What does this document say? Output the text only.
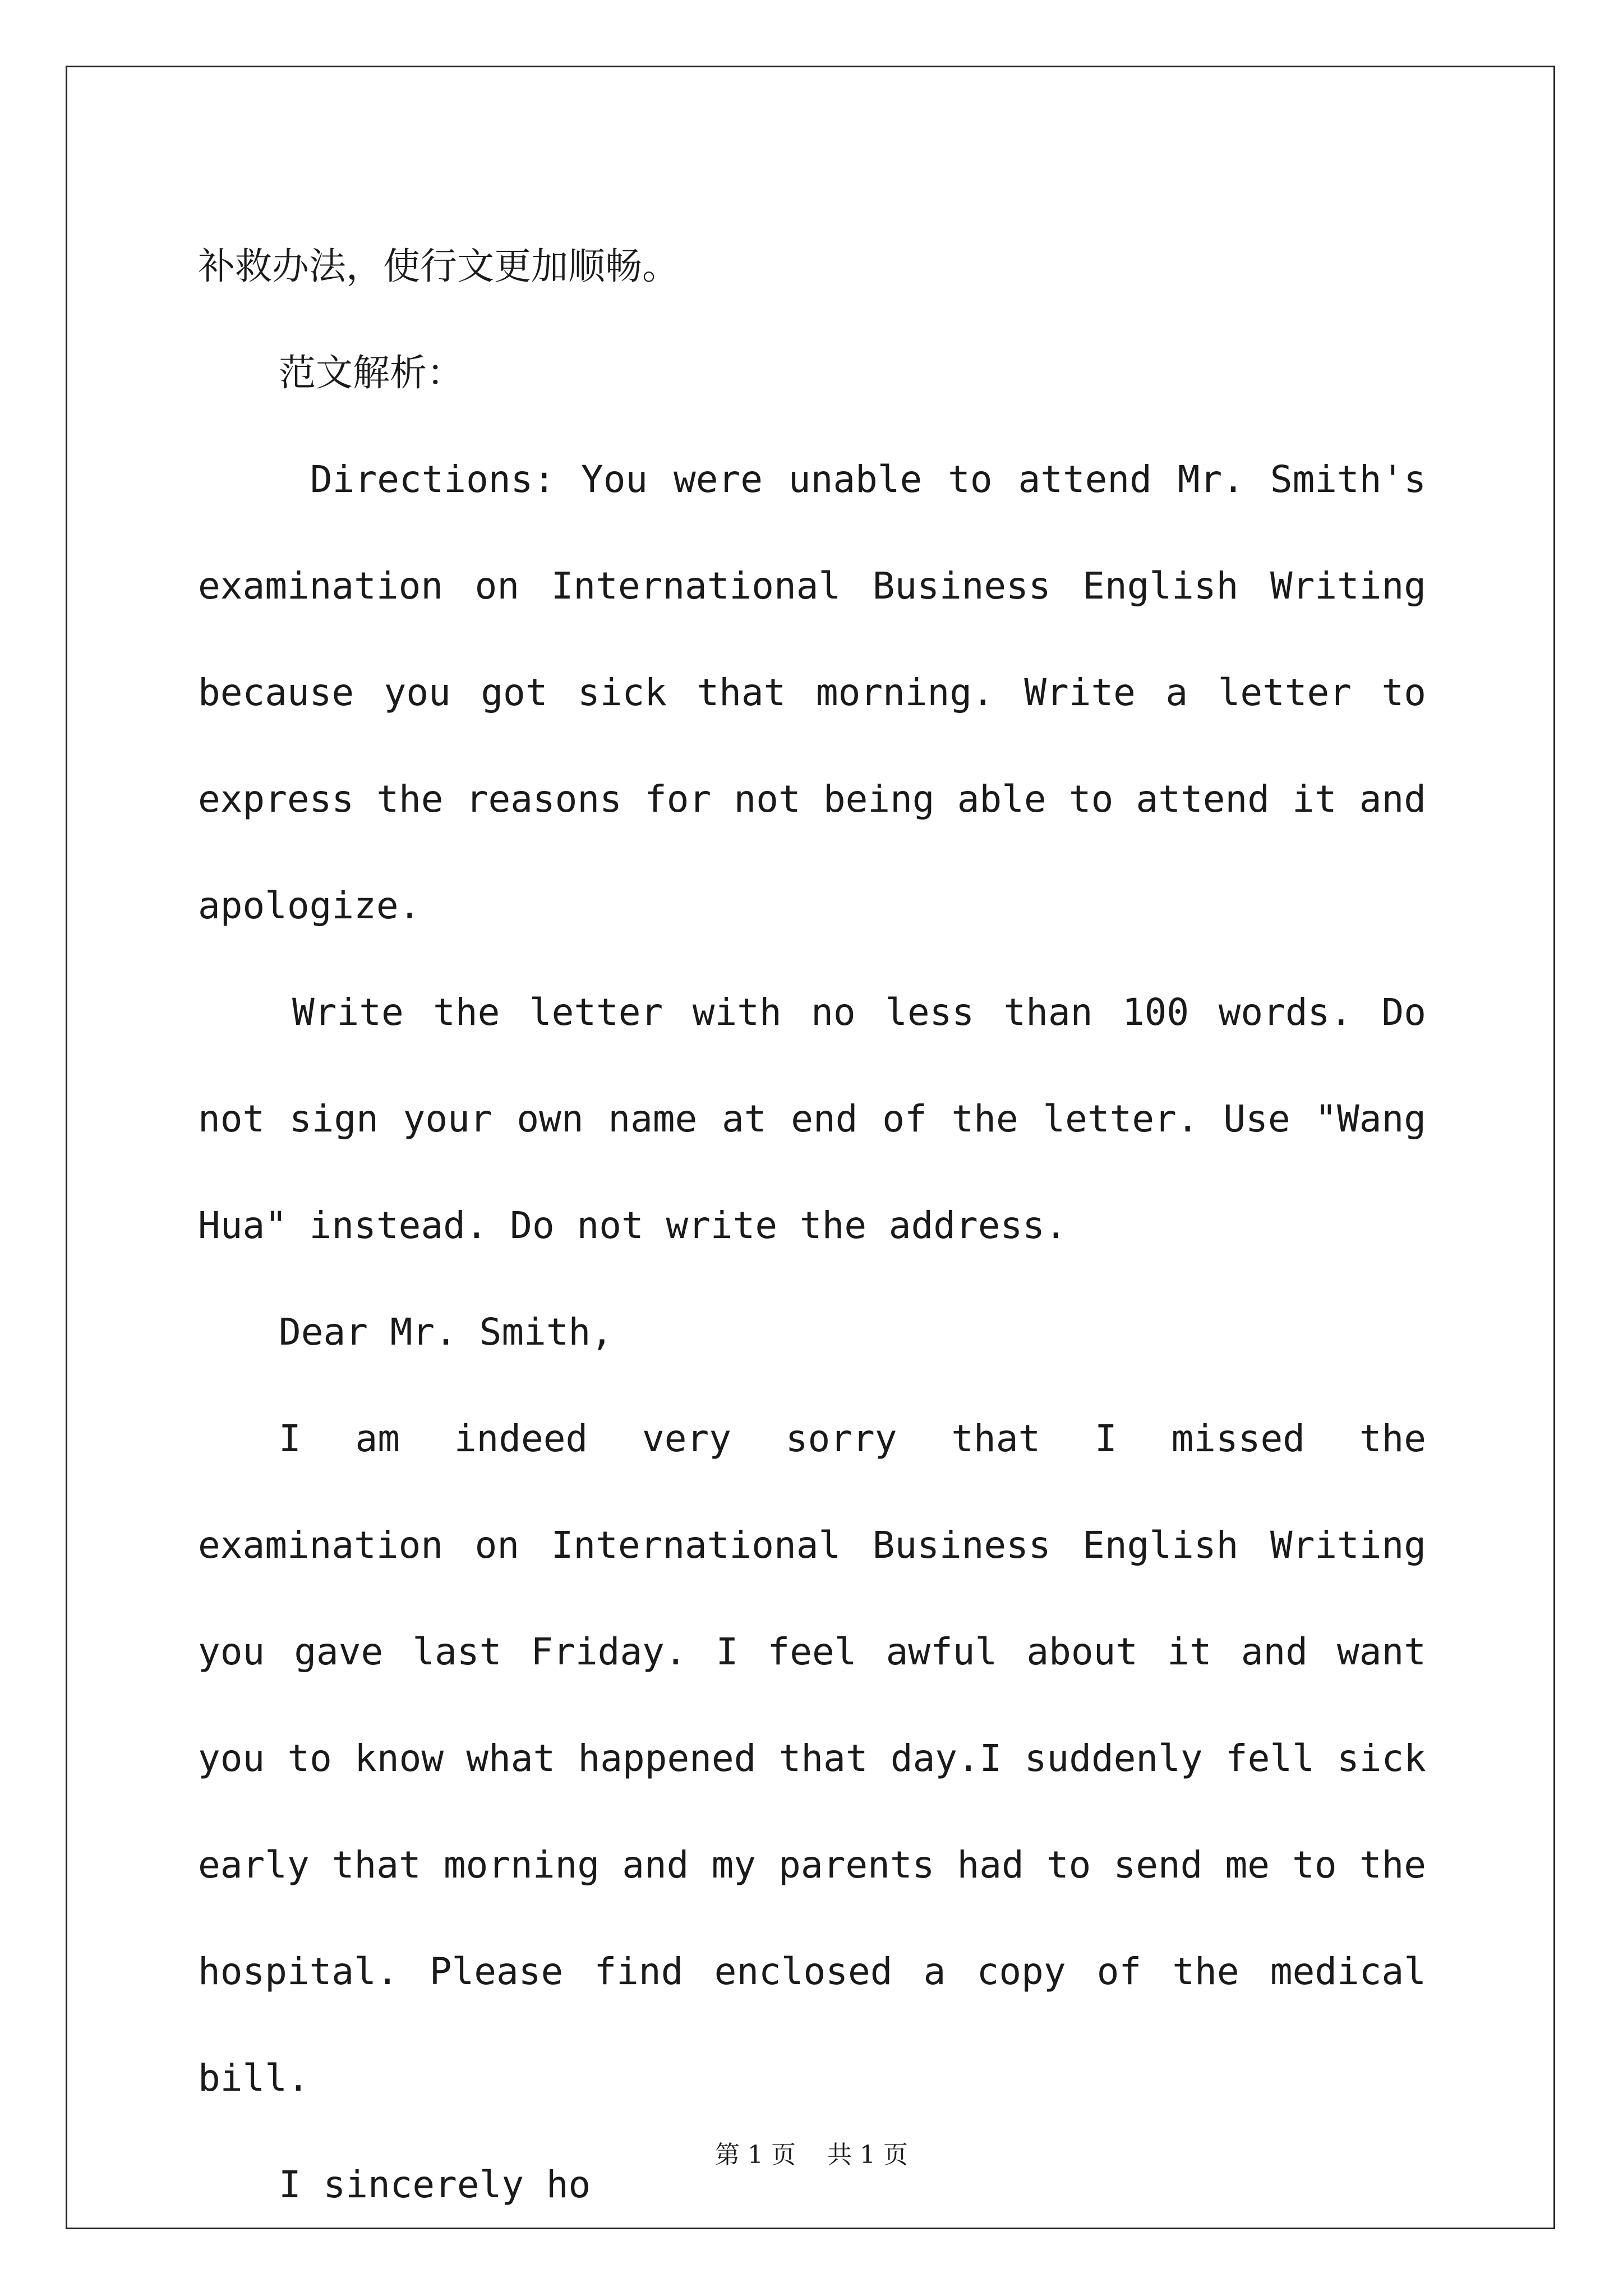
补救办法，使行文更加顺畅。

范文解析：

Directions: You were unable to attend Mr. Smith's examination on International Business English Writing because you got sick that morning. Write a letter to express the reasons for not being able to attend it and apologize.

Write the letter with no less than 100 words. Do not sign your own name at end of the letter. Use "Wang Hua" instead. Do not write the address.

Dear Mr. Smith,

I am indeed very sorry that I missed the examination on International Business English Writing you gave last Friday. I feel awful about it and want you to know what happened that day.I suddenly fell sick early that morning and my parents had to send me to the hospital. Please find enclosed a copy of the medical bill.

I sincerely ho

第 1 页    共 1 页
